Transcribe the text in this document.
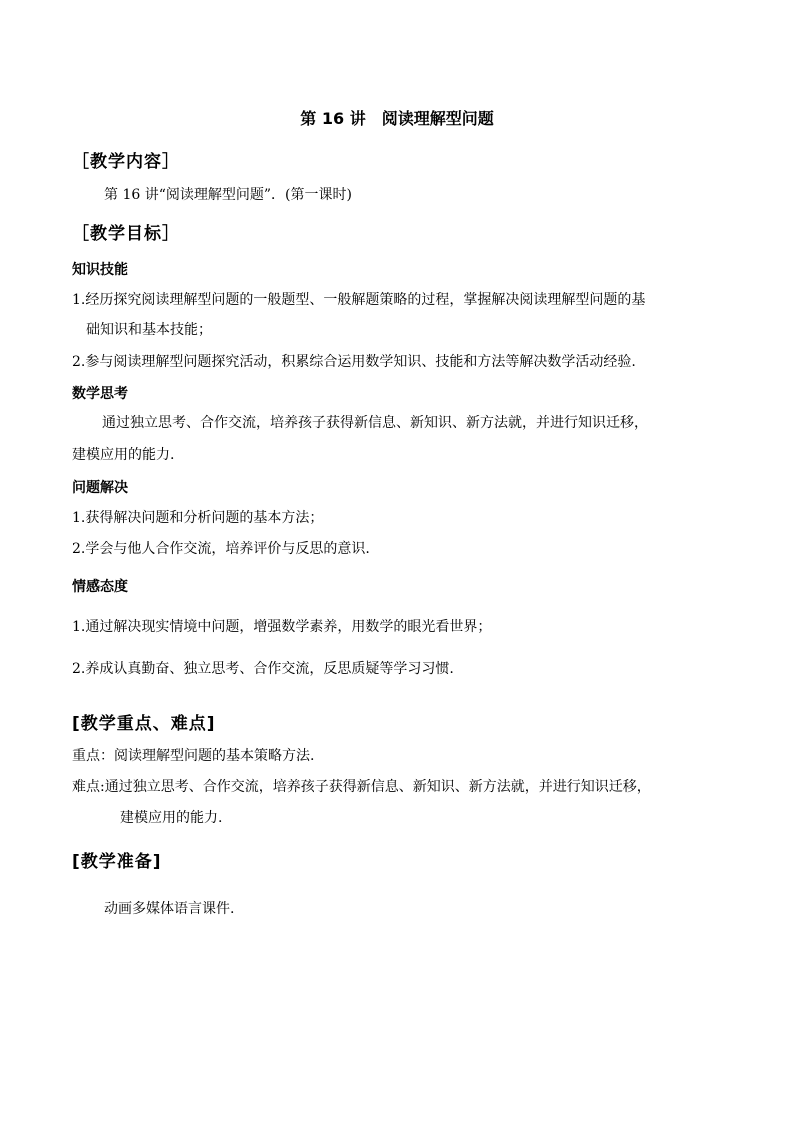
第 16 讲　阅读理解型问题
［教学内容］
第 16 讲“阅读理解型问题”．(第一课时)
［教学目标］
知识技能
1.经历探究阅读理解型问题的一般题型、一般解题策略的过程，掌握解决阅读理解型问题的基
础知识和基本技能；
2.参与阅读理解型问题探究活动，积累综合运用数学知识、技能和方法等解决数学活动经验.
数学思考
通过独立思考、合作交流，培养孩子获得新信息、新知识、新方法就，并进行知识迁移，
建模应用的能力.
问题解决
1.获得解决问题和分析问题的基本方法；
2.学会与他人合作交流，培养评价与反思的意识.
情感态度
1.通过解决现实情境中问题，增强数学素养，用数学的眼光看世界；
2.养成认真勤奋、独立思考、合作交流，反思质疑等学习习惯.
[教学重点、难点]
重点：阅读理解型问题的基本策略方法.
难点:通过独立思考、合作交流，培养孩子获得新信息、新知识、新方法就，并进行知识迁移，
建模应用的能力.
[教学准备]
动画多媒体语言课件.
